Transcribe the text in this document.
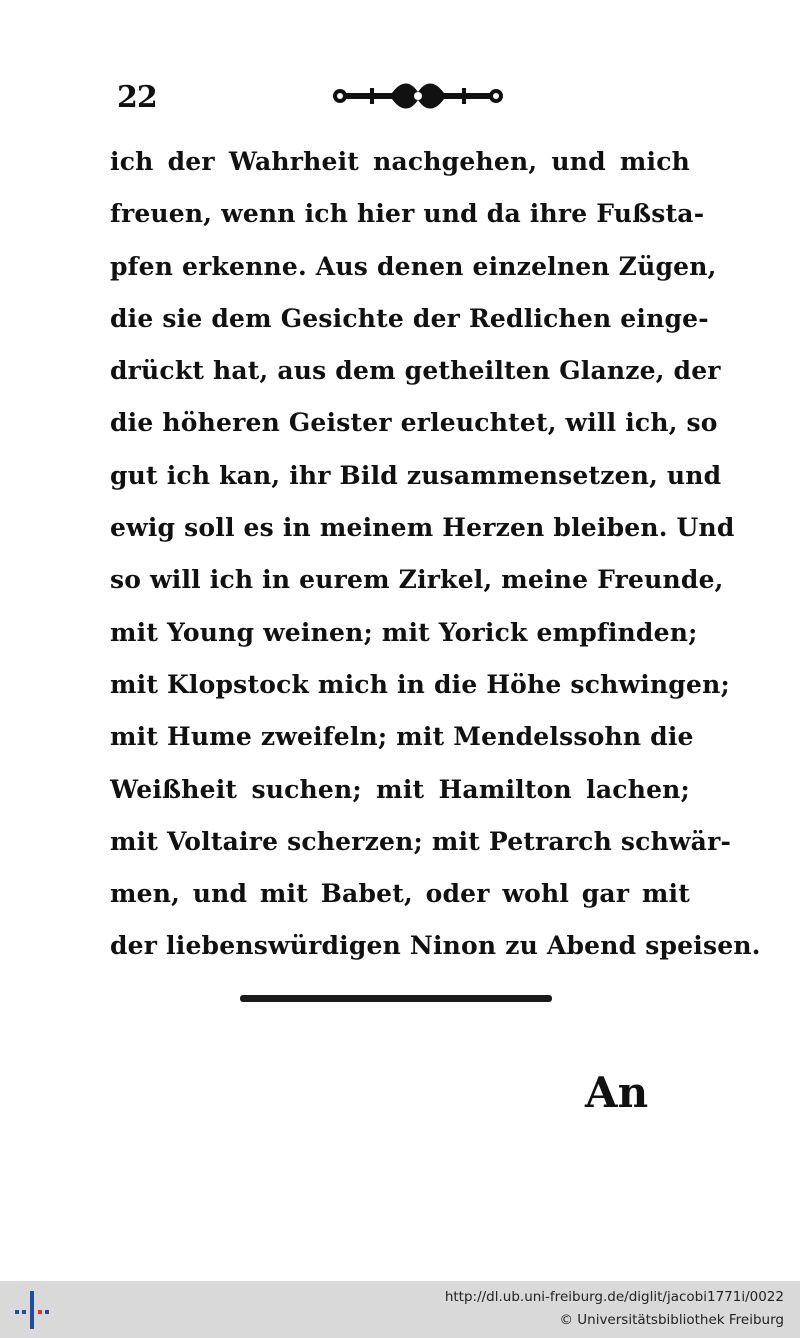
22
ich der Wahrheit nachgehen, und mich
freuen, wenn ich hier und da ihre Fußsta-
pfen erkenne. Aus denen einzelnen Zügen,
die sie dem Gesichte der Redlichen einge-
drückt hat, aus dem getheilten Glanze, der
die höheren Geister erleuchtet, will ich, so
gut ich kan, ihr Bild zusammensetzen, und
ewig soll es in meinem Herzen bleiben. Und
so will ich in eurem Zirkel, meine Freunde,
mit Young weinen; mit Yorick empfinden;
mit Klopstock mich in die Höhe schwingen;
mit Hume zweifeln; mit Mendelssohn die
Weißheit suchen; mit Hamilton lachen;
mit Voltaire scherzen; mit Petrarch schwär-
men, und mit Babet, oder wohl gar mit
der liebenswürdigen Ninon zu Abend speisen.
An
http://dl.ub.uni-freiburg.de/diglit/jacobi1771i/0022
© Universitätsbibliothek Freiburg
